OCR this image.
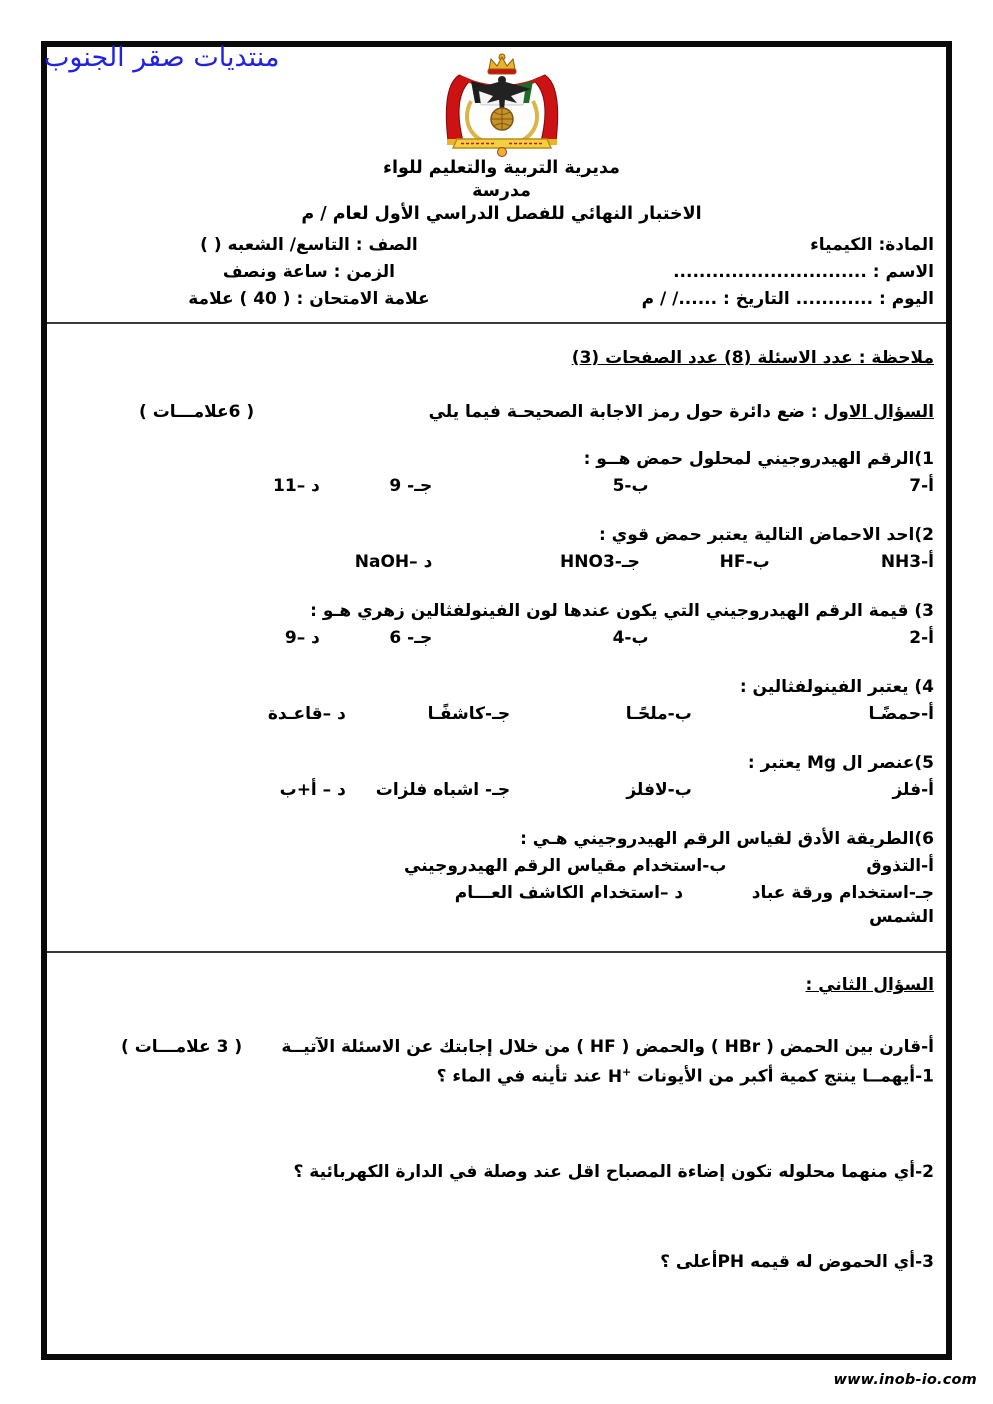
مديرية التربية والتعليم للواء
مدرسة
الاختبار النهائي للفصل الدراسي الأول لعام / م
المادة: الكيمياء
الصف : التاسع/ الشعبه ( )
الاسم : ..............................
الزمن : ساعة ونصف
اليوم : ............ التاريخ : ....../ / م
علامة الامتحان : ( 40 ) علامة
ملاحظة : عدد الاسئلة (8) عدد الصفحات (3)
السؤال الاول : ضع دائرة حول رمز الاجابة الصحيحـة فيما يلي
( 6علامـــات )
1)الرقم الهيدروجيني لمحلول حمض هــو :
أ-7
ب-5
جـ- 9
د –11
2)احد الاحماض التالية يعتبر حمض قوي :
أ-NH3
ب-HF
جـ-HNO3
د –NaOH
3) قيمة الرقم الهيدروجيني التي يكون عندها لون الفينولفثالين زهري هـو :
أ-2
ب-4
جـ- 6
د –9
4) يعتبر الفينولفثالين :
أ-حمضًـا
ب-ملحًـا
جـ-كاشفًـا
د –قاعـدة
5)عنصر ال Mg يعتبر :
أ-فلز
ب-لافلز
جـ- اشباه فلزات
د – أ+ب
6)الطريقة الأدق لقياس الرقم الهيدروجيني هـي :
أ-التذوق
ب-استخدام مقياس الرقم الهيدروجيني
جـ-استخدام ورقة عباد الشمس
د –استخدام الكاشف العـــام
السؤال الثاني :
أ-قارن بين الحمض ( HBr ) والحمض ( HF ) من خلال إجابتك عن الاسئلة الآتيــة
( 3 علامـــات )
1-أيهمــا ينتج كمية أكبر من الأيونات H+ عند تأينه في الماء ؟
2-أي منهما محلوله تكون إضاءة المصباح اقل عند وصلة في الدارة الكهربائية ؟
3-أي الحموض له قيمه PHأعلى ؟
منتديات صقر الجنوب
www.inob-io.com
